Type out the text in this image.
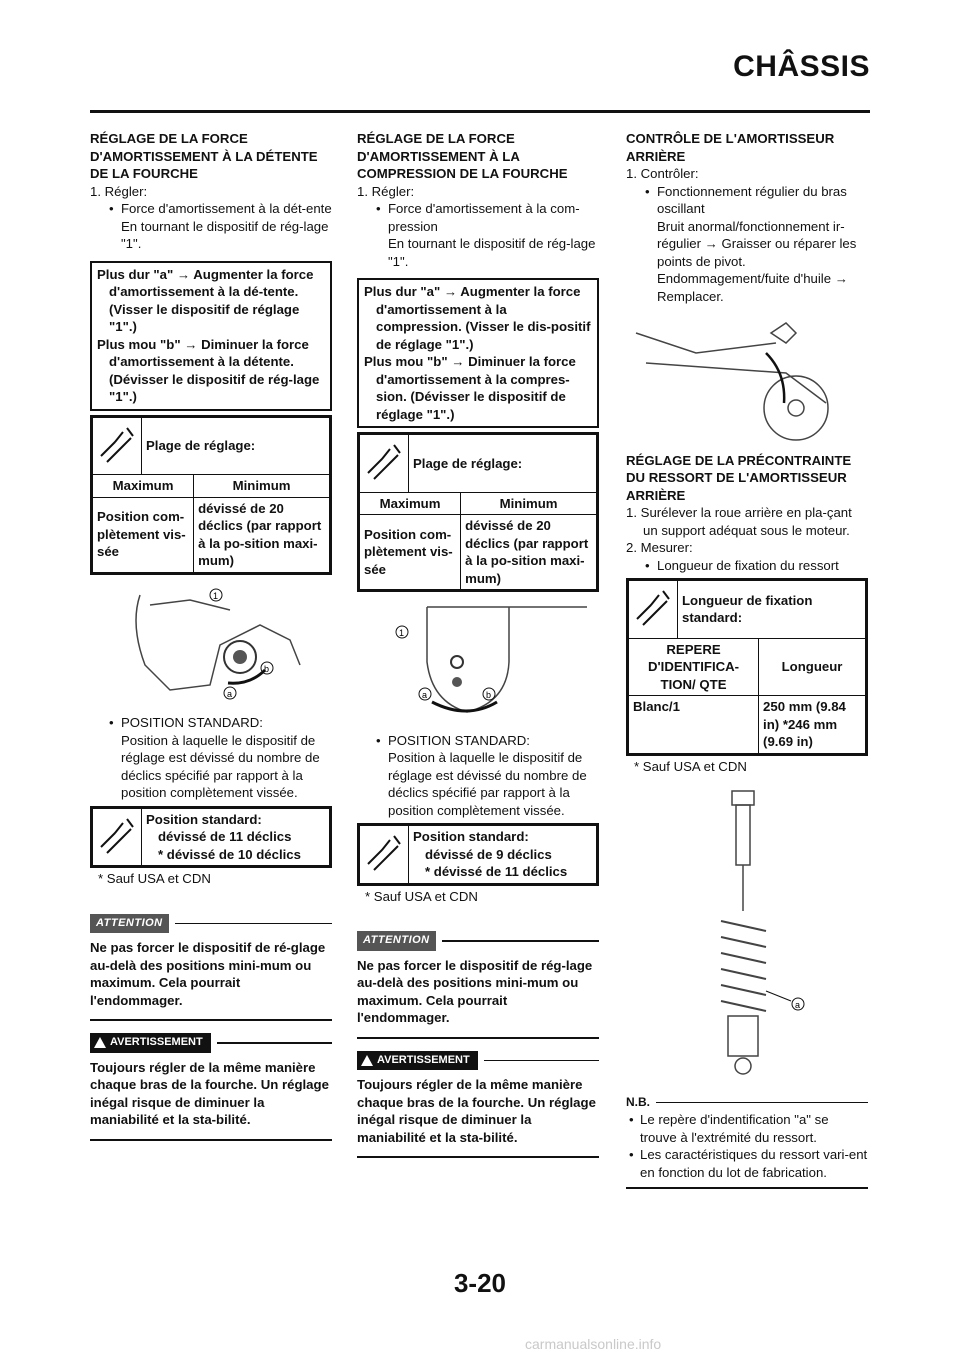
CHÂSSIS

RÉGLAGE DE LA FORCE D'AMORTISSEMENT À LA DÉTENTE DE LA FOURCHE

1. Régler:

• Force d'amortissement à la dét-ente

En tournant le dispositif de rég-lage "1".

Plus dur "a" → Augmenter la force d'amortissement à la dé-tente. (Visser le dispositif de réglage "1".)
Plus mou "b" → Diminuer la force d'amortissement à la détente. (Dévisser le dispositif de rég-lage "1".)
	Plage de réglage:	
Maximum		Minimum
Position com-plètement vis-sée		dévissé de 20 déclics (par rapport à la po-sition maxi-mum)
1
b
a

• POSITION STANDARD:

Position à laquelle le dispositif de réglage est dévissé du nombre de déclics spécifié par rapport à la position complètement vissée.

Position standard:
dévissé de 11 déclics
* dévissé de 10 déclics

* Sauf USA et CDN

ATTENTION
Ne pas forcer le dispositif de ré-glage au-delà des positions mini-mum ou maximum. Cela pourrait l'endommager.
AVERTISSEMENT
Toujours régler de la même manière chaque bras de la fourche. Un réglage inégal risque de diminuer la maniabilité et la sta-bilité.

RÉGLAGE DE LA FORCE D'AMORTISSEMENT À LA COMPRESSION DE LA FOURCHE

1. Régler:

• Force d'amortissement à la com-pression

En tournant le dispositif de rég-lage "1".

Plus dur "a" → Augmenter la force d'amortissement à la compression. (Visser le dis-positif de réglage "1".)
Plus mou "b" → Diminuer la force d'amortissement à la compres-sion. (Dévisser le dispositif de réglage "1".)
	Plage de réglage:	
Maximum		Minimum
Position com-plètement vis-sée		dévissé de 20 déclics (par rapport à la po-sition maxi-mum)
1
a	b

• POSITION STANDARD:

Position à laquelle le dispositif de réglage est dévissé du nombre de déclics spécifié par rapport à la position complètement vissée.

Position standard:
dévissé de 9 déclics
* dévissé de 11 déclics

* Sauf USA et CDN

ATTENTION
Ne pas forcer le dispositif de rég-lage au-delà des positions mini-mum ou maximum. Cela pourrait l'endommager.
AVERTISSEMENT
Toujours régler de la même manière chaque bras de la fourche. Un réglage inégal risque de diminuer la maniabilité et la sta-bilité.

CONTRÔLE DE L'AMORTISSEUR ARRIÈRE

1. Contrôler:

• Fonctionnement régulier du bras oscillant

Bruit anormal/fonctionnement ir-régulier → Graisser ou réparer les points de pivot.

Endommagement/fuite d'huile → Remplacer.

RÉGLAGE DE LA PRÉCONTRAINTE DU RESSORT DE L'AMORTISSEUR ARRIÈRE

1. Surélever la roue arrière en pla-çant un support adéquat sous le moteur.

2. Mesurer:

• Longueur de fixation du ressort

	Longueur de fixation standard:	
REPERE D'IDENTIFICA-TION/ QTE		Longueur
Blanc/1		250 mm (9.84 in) *246 mm (9.69 in)

* Sauf USA et CDN

a
N.B.

• Le repère d'indentification "a" se trouve à l'extrémité du ressort.

• Les caractéristiques du ressort vari-ent en fonction du lot de fabrication.

3-20
carmanualsonline.info
